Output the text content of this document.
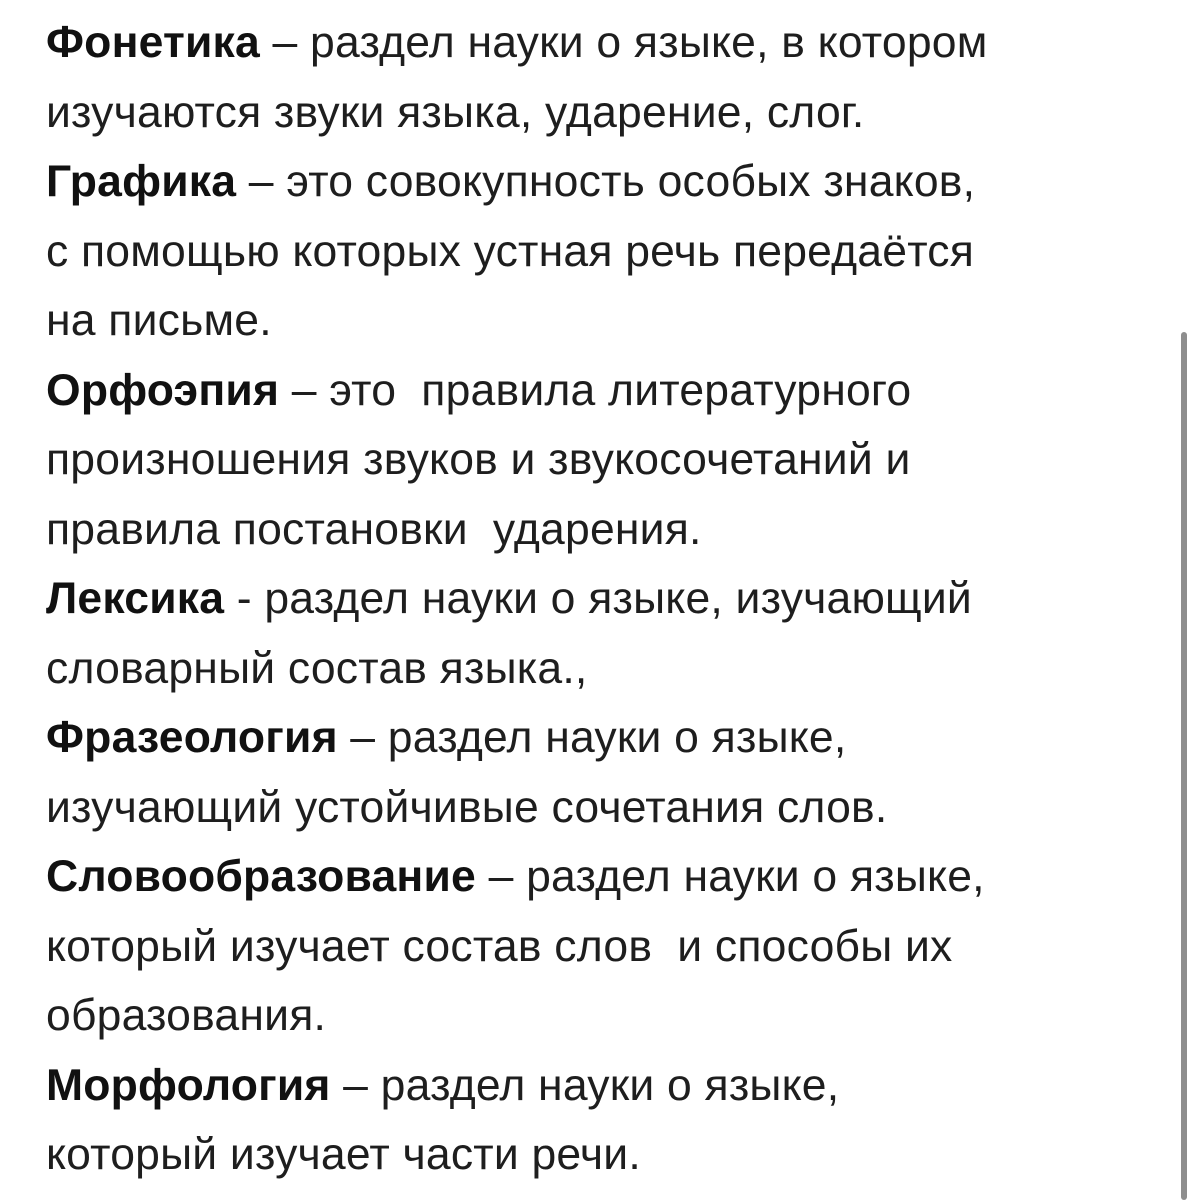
Фонетика – раздел науки о языке, в котором
изучаются звуки языка, ударение, слог.
Графика – это совокупность особых знаков,
с помощью которых устная речь передаётся
на письме.
Орфоэпия – это  правила литературного
произношения звуков и звукосочетаний и
правила постановки  ударения.
Лексика - раздел науки о языке, изучающий
словарный состав языка.,
Фразеология – раздел науки о языке,
изучающий устойчивые сочетания слов.
Словообразование – раздел науки о языке,
который изучает состав слов  и способы их
образования.
Морфология – раздел науки о языке,
который изучает части речи.
